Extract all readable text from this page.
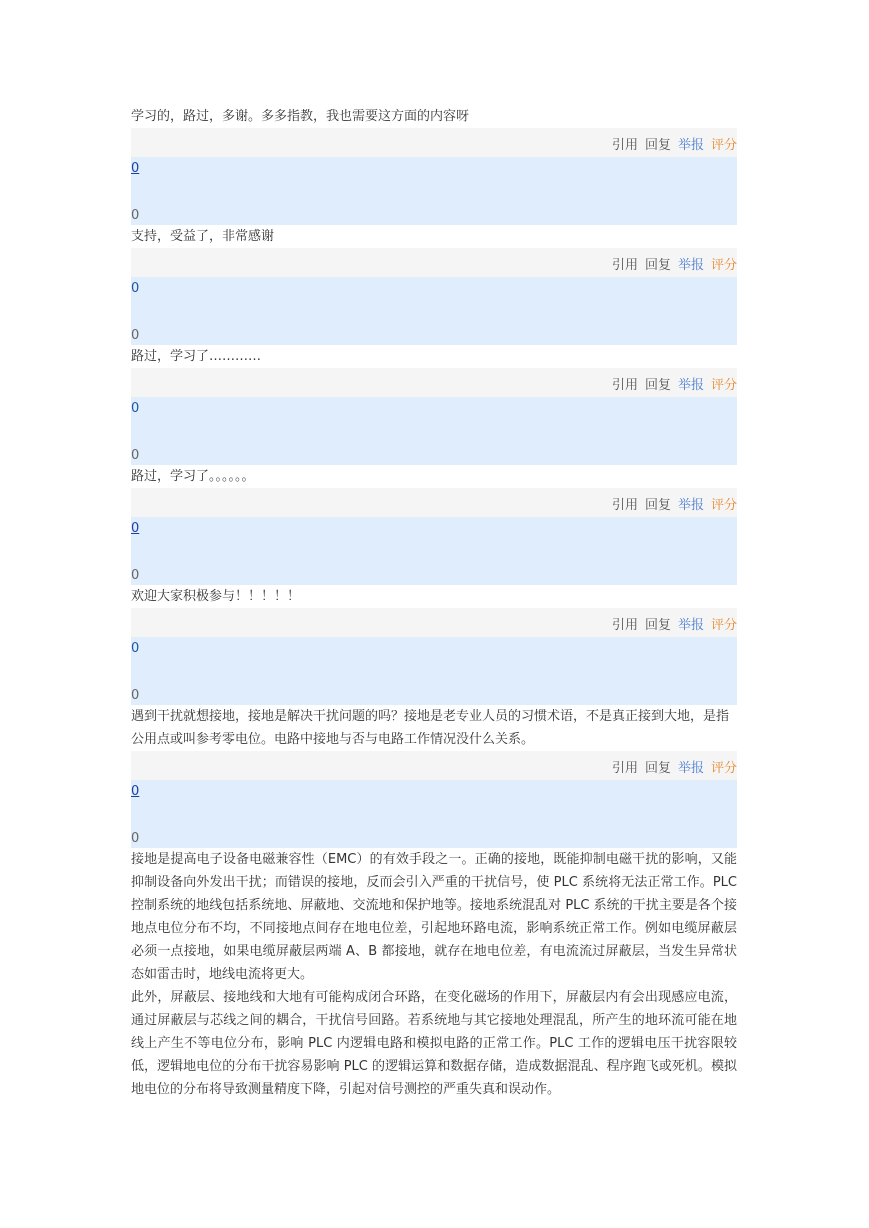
学习的，路过，多谢。多多指教，我也需要这方面的内容呀

引用 回复 举报 评分
0
0

支持，受益了，非常感谢

引用 回复 举报 评分
0
0

路过，学习了…………

引用 回复 举报 评分
0
0

路过，学习了。。。。。。

引用 回复 举报 评分
0
0

欢迎大家积极参与！！！！！

引用 回复 举报 评分
0
0

遇到干扰就想接地，接地是解决干扰问题的吗？接地是老专业人员的习惯术语，不是真正接到大地，是指公用点或叫参考零电位。电路中接地与否与电路工作情况没什么关系。

引用 回复 举报 评分
0
0

接地是提高电子设备电磁兼容性（EMC）的有效手段之一。正确的接地，既能抑制电磁干扰的影响，又能抑制设备向外发出干扰；而错误的接地，反而会引入严重的干扰信号，使 PLC 系统将无法正常工作。PLC 控制系统的地线包括系统地、屏蔽地、交流地和保护地等。接地系统混乱对 PLC 系统的干扰主要是各个接地点电位分布不均，不同接地点间存在地电位差，引起地环路电流，影响系统正常工作。例如电缆屏蔽层必须一点接地，如果电缆屏蔽层两端 A、B 都接地，就存在地电位差，有电流流过屏蔽层，当发生异常状态如雷击时，地线电流将更大。

此外，屏蔽层、接地线和大地有可能构成闭合环路，在变化磁场的作用下，屏蔽层内有会出现感应电流，通过屏蔽层与芯线之间的耦合，干扰信号回路。若系统地与其它接地处理混乱，所产生的地环流可能在地线上产生不等电位分布，影响 PLC 内逻辑电路和模拟电路的正常工作。PLC 工作的逻辑电压干扰容限较低，逻辑地电位的分布干扰容易影响 PLC 的逻辑运算和数据存储，造成数据混乱、程序跑飞或死机。模拟地电位的分布将导致测量精度下降，引起对信号测控的严重失真和误动作。
